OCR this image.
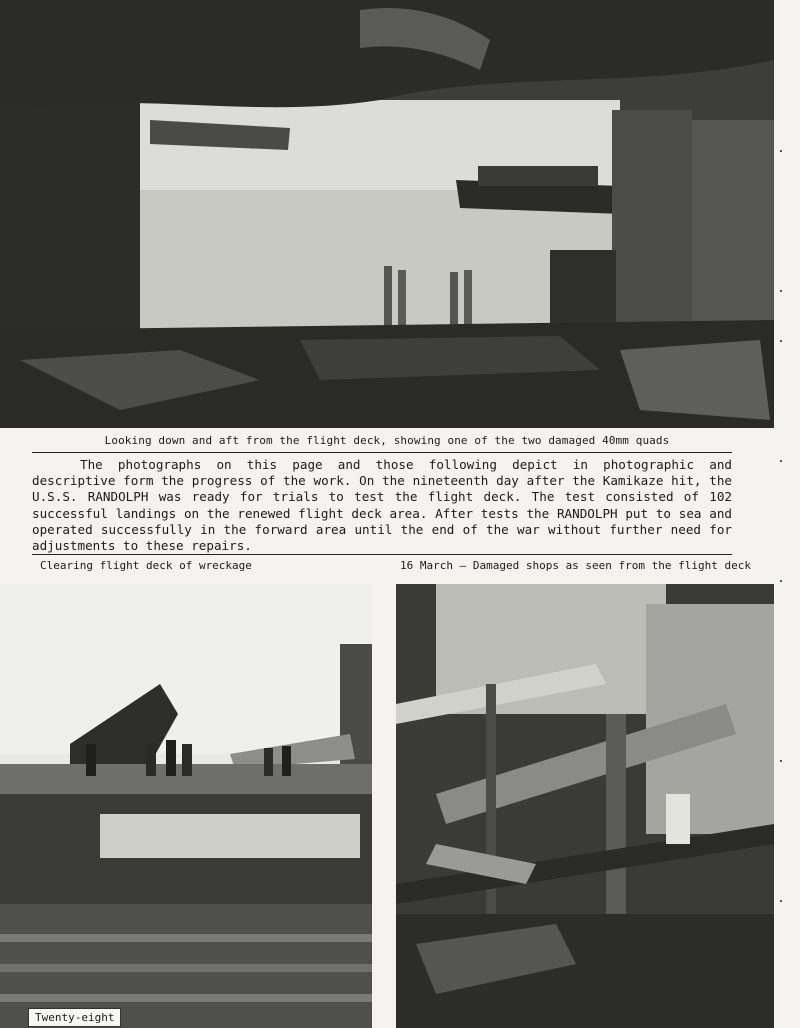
Looking down and aft from the flight deck, showing one of the two damaged 40mm quads

The photographs on this page and those following depict in photographic and descriptive form the progress of the work. On the nineteenth day after the Kamikaze hit, the U.S.S. RANDOLPH was ready for trials to test the flight deck. The test consisted of 102 successful landings on the renewed flight deck area. After tests the RANDOLPH put to sea and operated successfully in the forward area until the end of the war without further need for adjustments to these repairs.

Clearing flight deck of wreckage	16 March — Damaged shops as seen from the flight deck
Twenty-eight
